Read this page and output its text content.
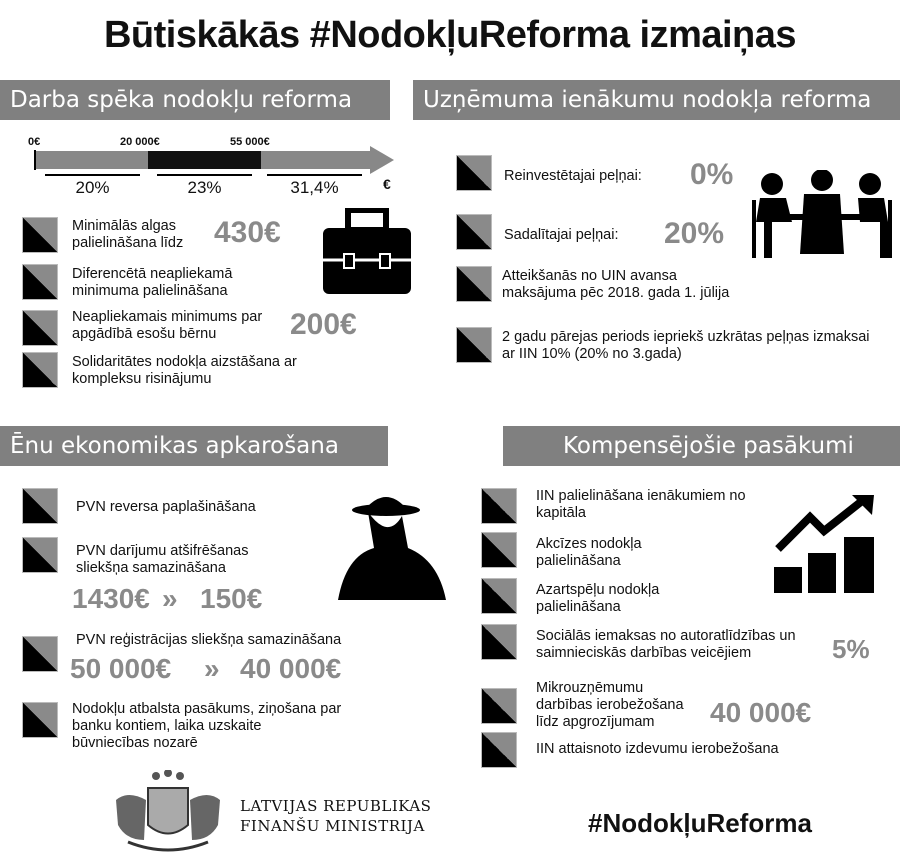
Būtiskākās #NodokļuReforma izmaiņas
Darba spēka nodokļu reforma
0€	20 000€	55 000€
€
20%	23%	31,4%
Minimālās algas palielināšana līdz	430€
Diferencētā neapliekamā minimuma palielināšana
Neapliekamais minimums par apgādībā esošu bērnu	200€
Solidaritātes nodokļa aizstāšana ar kompleksu risinājumu
Uzņēmuma ienākumu nodokļa reforma
Reinvestētajai peļņai: 0%
Sadalītajai peļņai: 20%
Atteikšanās no UIN avansa maksājuma pēc 2018. gada 1. jūlija
2 gadu pārejas periods iepriekš uzkrātas peļņas izmaksai ar IIN 10% (20% no 3.gada)
Ēnu ekonomikas apkarošana
PVN reversa paplašināšana
PVN darījumu atšifrēšanas sliekšņa samazināšana
1430€ » 150€
PVN reģistrācijas sliekšņa samazināšana
50 000€ » 40 000€
Nodokļu atbalsta pasākums, ziņošana par banku kontiem, laika uzskaite būvniecības nozarē
Kompensējošie pasākumi
IIN palielināšana ienākumiem no kapitāla
Akcīzes nodokļa palielināšana
Azartspēļu nodokļa palielināšana
Sociālās iemaksas no autoratlīdzības un saimnieciskās darbības veicējiem	5%
Mikrouzņēmumu darbības ierobežošana līdz apgrozījumam	40 000€
IIN attaisnoto izdevumu ierobežošana
LATVIJAS REPUBLIKAS
FINANŠU MINISTRIJA	#NodokļuReforma
